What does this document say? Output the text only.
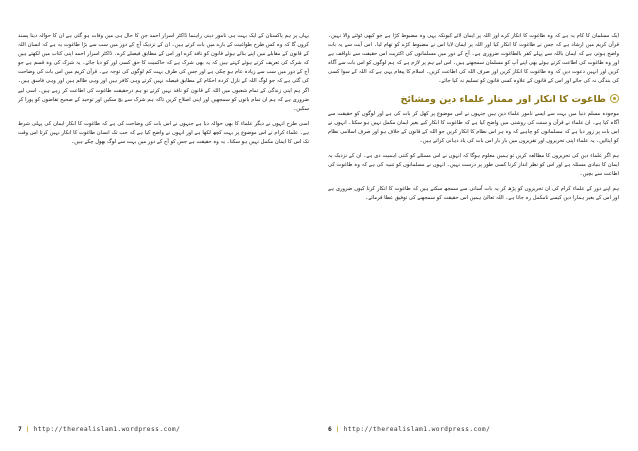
یہاں پر ہم پاکستان کے ایک بہت ہی نامور دینی راہنما ڈاکٹر اسرار احمد جن کا حال ہی میں وفات ہو گئی ہے ان کا حوالہ دینا پسند کروں گا کہ وہ کس طرح طواغیت کے بارے میں بات کرتے ہیں۔ ان کے نزدیک آج کے دور میں سب سے بڑا طاغوت یہ ہے کہ انسان اللہ کے قانون کے مقابلے میں اپنے بنائے ہوئے قانون کو نافذ کرے اور اس کے مطابق فیصلے کرے۔ ڈاکٹر اسرار احمد اپنی کتاب میں لکھتے ہیں کہ شرک کی تعریف کرتے ہوئے کہتے ہیں کہ یہ بھی شرک ہے کہ حاکمیت کا حق کسی اور کو دیا جائے۔ یہ شرک کی وہ قسم ہے جو آج کے دور میں سب سے زیادہ عام ہو چکی ہے اور جس کی طرف بہت کم لوگوں کی توجہ ہے۔ قرآن کریم میں اس بات کی وضاحت کی گئی ہے کہ جو لوگ اللہ کے نازل کردہ احکام کے مطابق فیصلہ نہیں کرتے وہی کافر ہیں اور وہی ظالم ہیں اور وہی فاسق ہیں۔ اگر ہم اپنی زندگی کے تمام شعبوں میں اللہ کے قانون کو نافذ نہیں کرتے تو ہم درحقیقت طاغوت کی اطاعت کر رہے ہیں۔ اسی لیے ضروری ہے کہ ہم ان تمام باتوں کو سمجھیں اور اپنی اصلاح کریں تاکہ ہم شرک سے بچ سکیں اور توحید کے صحیح تقاضوں کو پورا کر سکیں۔

اسی طرح انہوں نے دیگر علماء کا بھی حوالہ دیا ہے جنہوں نے اس بات کی وضاحت کی ہے کہ طاغوت کا انکار ایمان کی پہلی شرط ہے۔ علماء کرام نے اس موضوع پر بہت کچھ لکھا ہے اور انہوں نے واضح کیا ہے کہ جب تک انسان طاغوت کا انکار نہیں کرتا اس وقت تک اس کا ایمان مکمل نہیں ہو سکتا۔ یہ وہ حقیقت ہے جس کو آج کے دور میں بہت سے لوگ بھول چکے ہیں۔

7 | http://therealislam1.wordpress.com/

ایک مسلمان کا کام یہ ہے کہ وہ طاغوت کا انکار کرے اور اللہ پر ایمان لائے کیونکہ یہی وہ مضبوط کڑا ہے جو کبھی ٹوٹنے والا نہیں۔ قرآن کریم میں ارشاد ہے کہ جس نے طاغوت کا انکار کیا اور اللہ پر ایمان لایا اس نے مضبوط کڑے کو تھام لیا۔ اس آیت سے یہ بات واضح ہوتی ہے کہ ایمان باللہ سے پہلے کفر بالطاغوت ضروری ہے۔ آج کے دور میں مسلمانوں کی اکثریت اس حقیقت سے ناواقف ہے اور وہ طاغوت کی اطاعت کرتے ہوئے بھی اپنے آپ کو مسلمان سمجھتے ہیں۔ اس لیے ہم پر لازم ہے کہ ہم لوگوں کو اس بات سے آگاہ کریں اور انہیں دعوت دیں کہ وہ طاغوت کا انکار کریں اور صرف اللہ کی اطاعت کریں۔ اسلام کا پیغام یہی ہے کہ اللہ کے سوا کسی کی بندگی نہ کی جائے اور اس کے قانون کے علاوہ کسی قانون کو تسلیم نہ کیا جائے۔

طاغوت کا انکار اور ممتاز علماء دین ومشائخ

موجودہ مسلم دنیا میں بہت سے ایسے نامور علماء دین ہیں جنہوں نے اس موضوع پر کھل کر بات کی ہے اور لوگوں کو حقیقت سے آگاہ کیا ہے۔ ان علماء نے قرآن و سنت کی روشنی میں واضح کیا ہے کہ طاغوت کا انکار کیے بغیر ایمان مکمل نہیں ہو سکتا۔ انہوں نے اس بات پر زور دیا ہے کہ مسلمانوں کو چاہیے کہ وہ ہر اس نظام کا انکار کریں جو اللہ کے قانون کے خلاف ہو اور صرف اسلامی نظام کو اپنائیں۔ یہ علماء اپنی تحریروں اور تقریروں میں بار بار اس بات کی یاد دہانی کراتے ہیں۔

ہم اگر علماء دین کی تحریروں کا مطالعہ کریں تو ہمیں معلوم ہوگا کہ انہوں نے اس مسئلے کو کتنی اہمیت دی ہے۔ ان کے نزدیک یہ ایمان کا بنیادی مسئلہ ہے اور اس کو نظر انداز کرنا کسی طور پر درست نہیں۔ انہوں نے مسلمانوں کو تنبیہ کی ہے کہ وہ طاغوت کی اطاعت سے بچیں۔

ہم اپنے دور کے علماء کرام کی ان تحریروں کو پڑھ کر یہ بات آسانی سے سمجھ سکتے ہیں کہ طاغوت کا انکار کرنا کیوں ضروری ہے اور اس کے بغیر ہمارا دین کیسے نامکمل رہ جاتا ہے۔ اللہ تعالیٰ ہمیں اس حقیقت کو سمجھنے کی توفیق عطا فرمائے۔

6 | http://therealislam1.wordpress.com/
